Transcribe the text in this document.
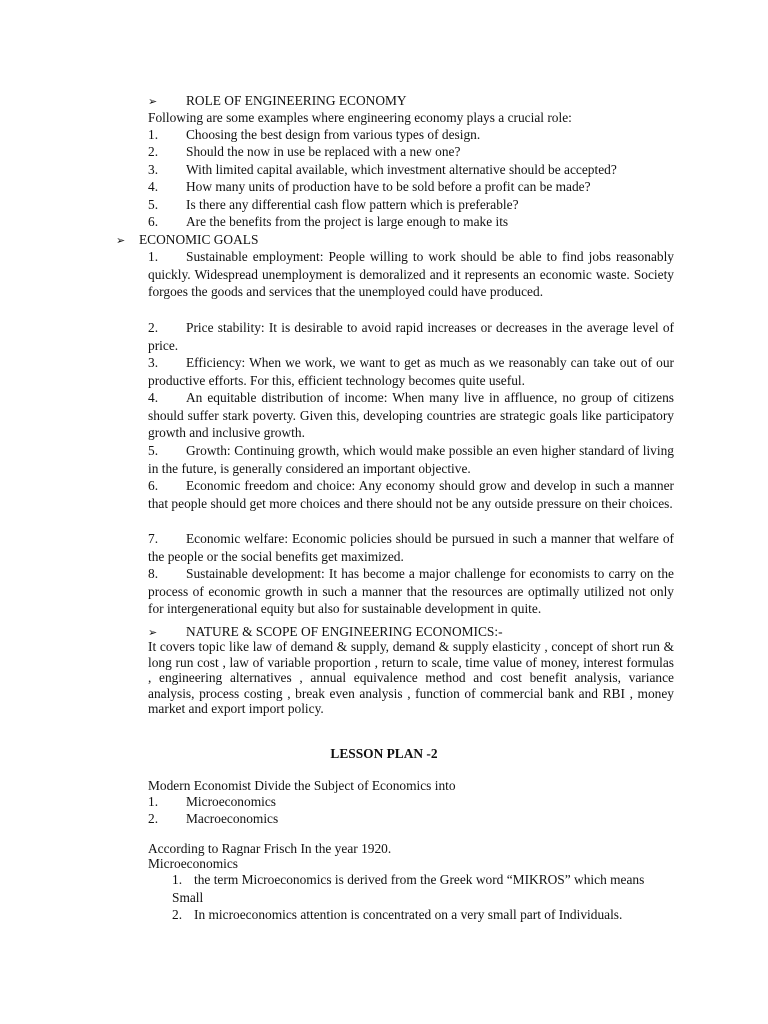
➢ ROLE OF ENGINEERING ECONOMY
Following are some examples where engineering economy plays a crucial role:
1. Choosing the best design from various types of design.
2. Should the now in use be replaced with a new one?
3. With limited capital available, which investment alternative should be accepted?
4. How many units of production have to be sold before a profit can be made?
5. Is there any differential cash flow pattern which is preferable?
6. Are the benefits from the project is large enough to make its
➢ ECONOMIC GOALS
1. Sustainable employment: People willing to work should be able to find jobs reasonably quickly. Widespread unemployment is demoralized and it represents an economic waste. Society forgoes the goods and services that the unemployed could have produced.
2. Price stability: It is desirable to avoid rapid increases or decreases in the average level of price.
3. Efficiency: When we work, we want to get as much as we reasonably can take out of our productive efforts. For this, efficient technology becomes quite useful.
4. An equitable distribution of income: When many live in affluence, no group of citizens should suffer stark poverty. Given this, developing countries are strategic goals like participatory growth and inclusive growth.
5. Growth: Continuing growth, which would make possible an even higher standard of living in the future, is generally considered an important objective.
6. Economic freedom and choice: Any economy should grow and develop in such a manner that people should get more choices and there should not be any outside pressure on their choices.
7. Economic welfare: Economic policies should be pursued in such a manner that welfare of the people or the social benefits get maximized.
8. Sustainable development: It has become a major challenge for economists to carry on the process of economic growth in such a manner that the resources are optimally utilized not only for intergenerational equity but also for sustainable development in quite.
➢ NATURE & SCOPE OF ENGINEERING ECONOMICS:-
It covers topic like law of demand & supply, demand & supply elasticity , concept of short run & long run cost , law of variable proportion , return to scale, time value of money, interest formulas , engineering alternatives , annual equivalence method and cost benefit analysis, variance analysis, process costing , break even analysis , function of commercial bank and RBI , money market and export import policy.
LESSON PLAN -2
Modern Economist Divide the Subject of Economics into
1. Microeconomics
2. Macroeconomics
According to Ragnar Frisch In the year 1920.
Microeconomics
1. the term Microeconomics is derived from the Greek word “MIKROS” which means Small
2. In microeconomics attention is concentrated on a very small part of Individuals.
